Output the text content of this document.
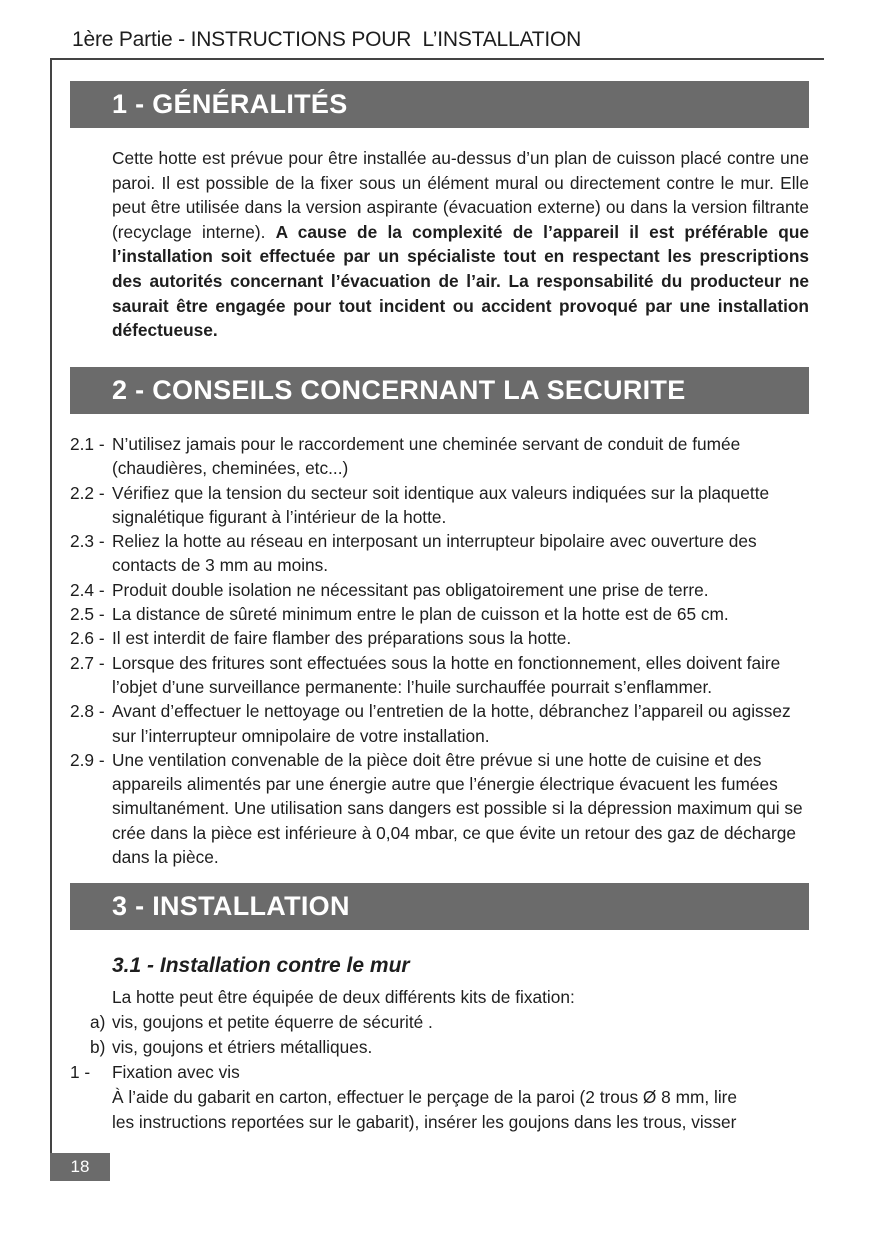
1ère Partie - INSTRUCTIONS POUR  L’INSTALLATION
1 - GÉNÉRALITÉS
Cette hotte est prévue pour être installée au-dessus d’un plan de cuisson placé contre une paroi. Il est possible de la fixer sous un élément mural ou directement contre le mur. Elle peut être utilisée dans la version aspirante (évacuation externe) ou dans la version filtrante (recyclage interne). A cause de la complexité de l’appareil il est préférable que l’installation soit effectuée par un spécialiste tout en respectant les prescriptions des autorités concernant l’évacuation de l’air. La responsabilité du producteur ne saurait être engagée pour tout incident ou accident provoqué par une installation défectueuse.
2 - CONSEILS CONCERNANT LA SECURITE
2.1 - N’utilisez jamais pour le raccordement une cheminée servant de conduit de fumée (chaudières, cheminées, etc...)
2.2 - Vérifiez que la tension du secteur soit identique aux valeurs indiquées sur la plaquette signalétique figurant à l’intérieur de la hotte.
2.3 - Reliez la hotte au réseau en interposant un interrupteur bipolaire avec ouverture des contacts de 3 mm au moins.
2.4 - Produit double isolation ne nécessitant pas obligatoirement une prise de terre.
2.5 - La distance de sûreté minimum entre le plan de cuisson et la hotte est de 65 cm.
2.6 - Il est interdit de faire flamber des préparations sous la hotte.
2.7 - Lorsque des fritures sont effectuées sous la hotte en fonctionnement, elles doivent faire l’objet d’une surveillance permanente: l’huile surchauffée pourrait s’enflammer.
2.8 - Avant d’effectuer le nettoyage ou l’entretien de la hotte, débranchez l’appareil ou agissez sur l’interrupteur omnipolaire de votre installation.
2.9 - Une ventilation convenable de la pièce doit être prévue si une hotte de cuisine et des appareils alimentés par une énergie autre que l’énergie électrique évacuent les fumées simultanément. Une utilisation sans dangers est possible si la dépression maximum qui se crée dans la pièce est inférieure à 0,04 mbar, ce que évite un retour des gaz de décharge dans la pièce.
3 - INSTALLATION
3.1 - Installation contre le mur
La hotte peut être équipée de deux différents kits de fixation:
a) vis, goujons et petite équerre de sécurité .
b) vis, goujons et étriers métalliques.
1 - Fixation avec vis
À l’aide du gabarit en carton, effectuer le perçage de la paroi (2 trous Ø 8 mm, lire
les instructions reportées sur le gabarit), insérer les goujons dans les trous, visser
18
